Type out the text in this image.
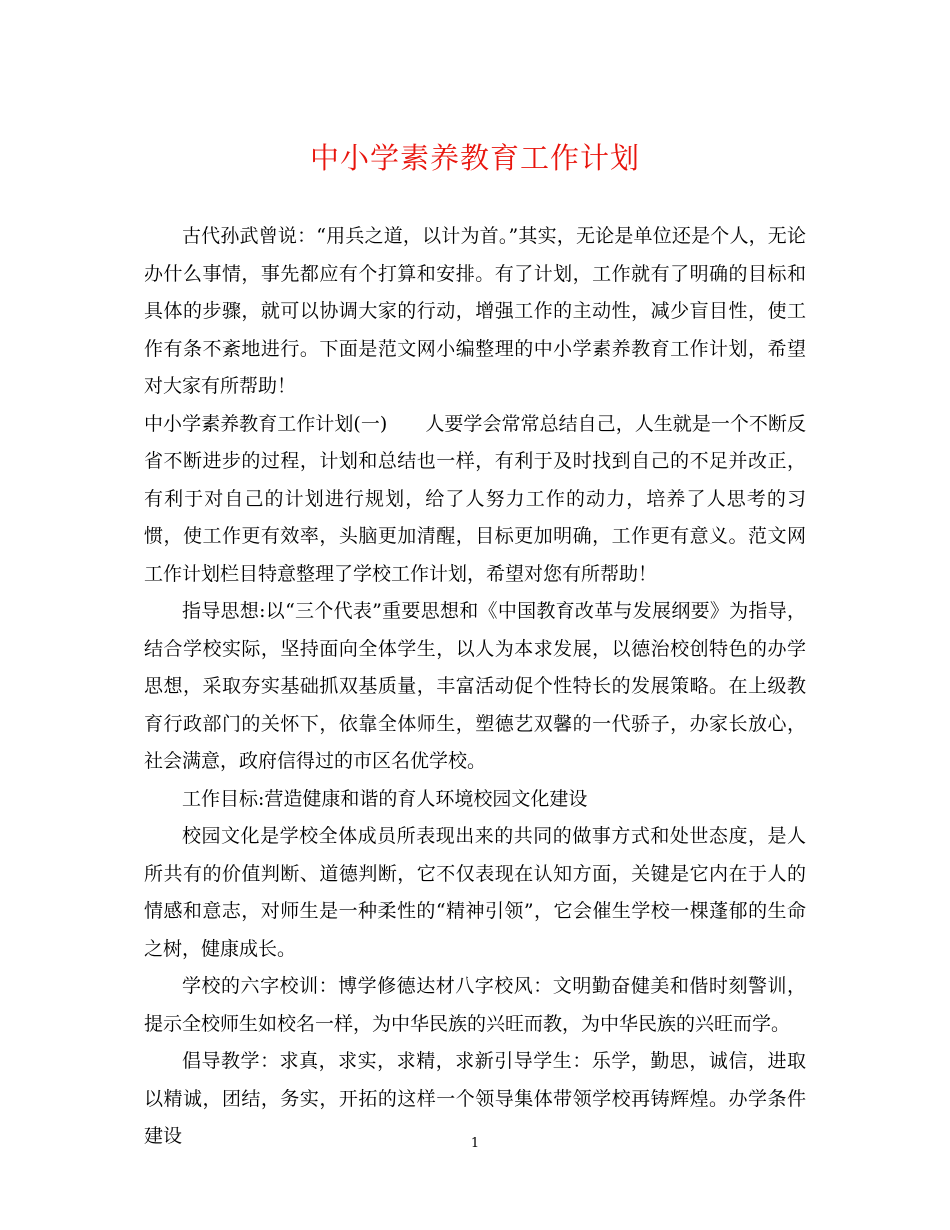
中小学素养教育工作计划

古代孙武曾说：“用兵之道，以计为首。”其实，无论是单位还是个人，无论办什么事情，事先都应有个打算和安排。有了计划，工作就有了明确的目标和具体的步骤，就可以协调大家的行动，增强工作的主动性，减少盲目性，使工作有条不紊地进行。下面是范文网小编整理的中小学素养教育工作计划，希望对大家有所帮助！

中小学素养教育工作计划(一)　　人要学会常常总结自己，人生就是一个不断反省不断进步的过程，计划和总结也一样，有利于及时找到自己的不足并改正，有利于对自己的计划进行规划，给了人努力工作的动力，培养了人思考的习惯，使工作更有效率，头脑更加清醒，目标更加明确，工作更有意义。范文网工作计划栏目特意整理了学校工作计划，希望对您有所帮助！

指导思想:以“三个代表”重要思想和《中国教育改革与发展纲要》为指导，结合学校实际，坚持面向全体学生，以人为本求发展，以德治校创特色的办学思想，采取夯实基础抓双基质量，丰富活动促个性特长的发展策略。在上级教育行政部门的关怀下，依靠全体师生，塑德艺双馨的一代骄子，办家长放心，社会满意，政府信得过的市区名优学校。

工作目标:营造健康和谐的育人环境校园文化建设

校园文化是学校全体成员所表现出来的共同的做事方式和处世态度，是人所共有的价值判断、道德判断，它不仅表现在认知方面，关键是它内在于人的情感和意志，对师生是一种柔性的“精神引领”，它会催生学校一棵蓬郁的生命之树，健康成长。

学校的六字校训：博学修德达材八字校风：文明勤奋健美和偕时刻警训，提示全校师生如校名一样，为中华民族的兴旺而教，为中华民族的兴旺而学。

倡导教学：求真，求实，求精，求新引导学生：乐学，勤思，诚信，进取以精诚，团结，务实，开拓的这样一个领导集体带领学校再铸辉煌。办学条件建设	1
